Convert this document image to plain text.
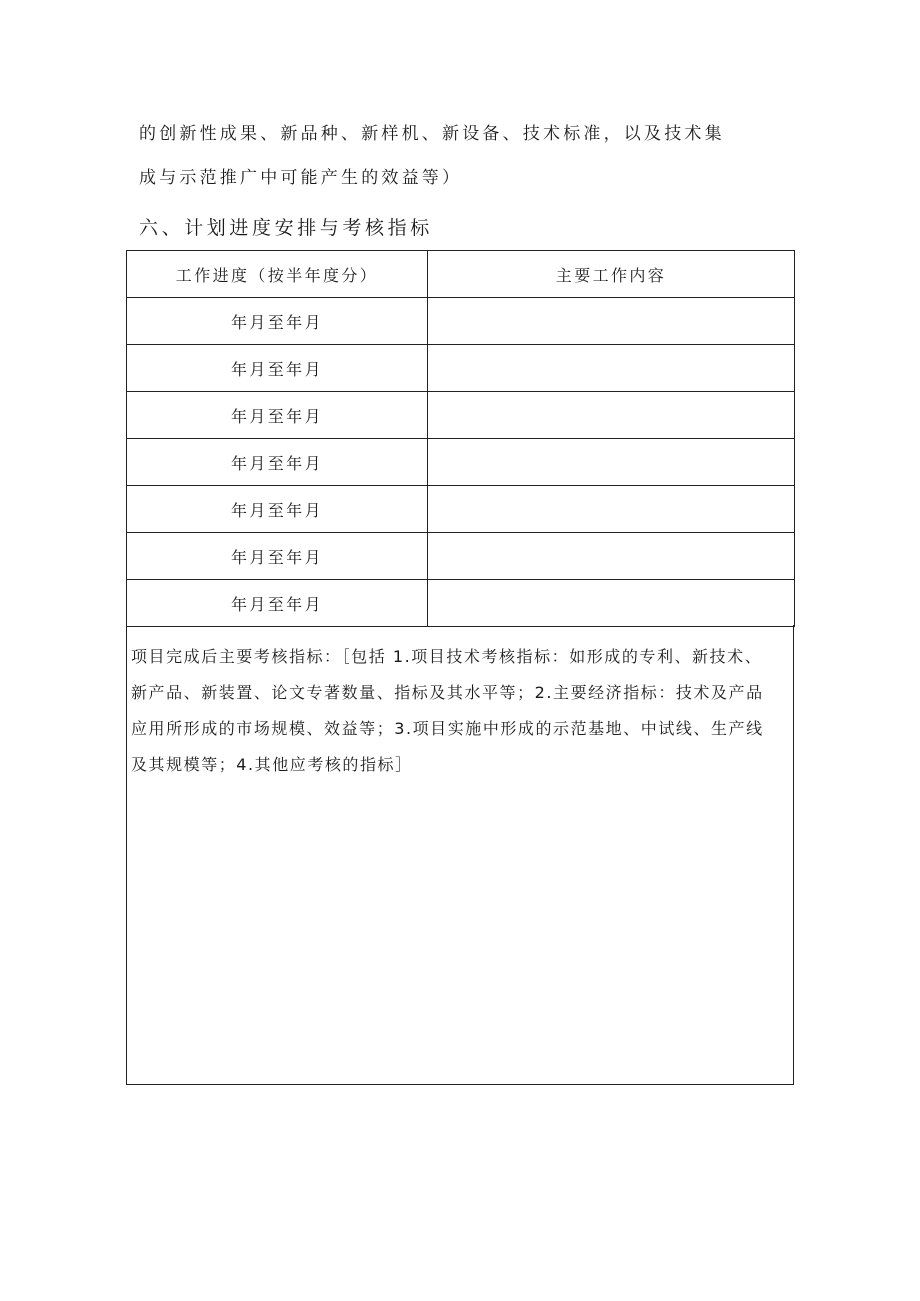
的创新性成果、新品种、新样机、新设备、技术标准，以及技术集
成与示范推广中可能产生的效益等）
六、计划进度安排与考核指标
工作进度（按半年度分）	主要工作内容
年月至年月	
年月至年月	
年月至年月	
年月至年月	
年月至年月	
年月至年月	
年月至年月	
项目完成后主要考核指标：［包括 1.项目技术考核指标：如形成的专利、新技术、
新产品、新装置、论文专著数量、指标及其水平等；2.主要经济指标：技术及产品
应用所形成的市场规模、效益等；3.项目实施中形成的示范基地、中试线、生产线
及其规模等；4.其他应考核的指标］
